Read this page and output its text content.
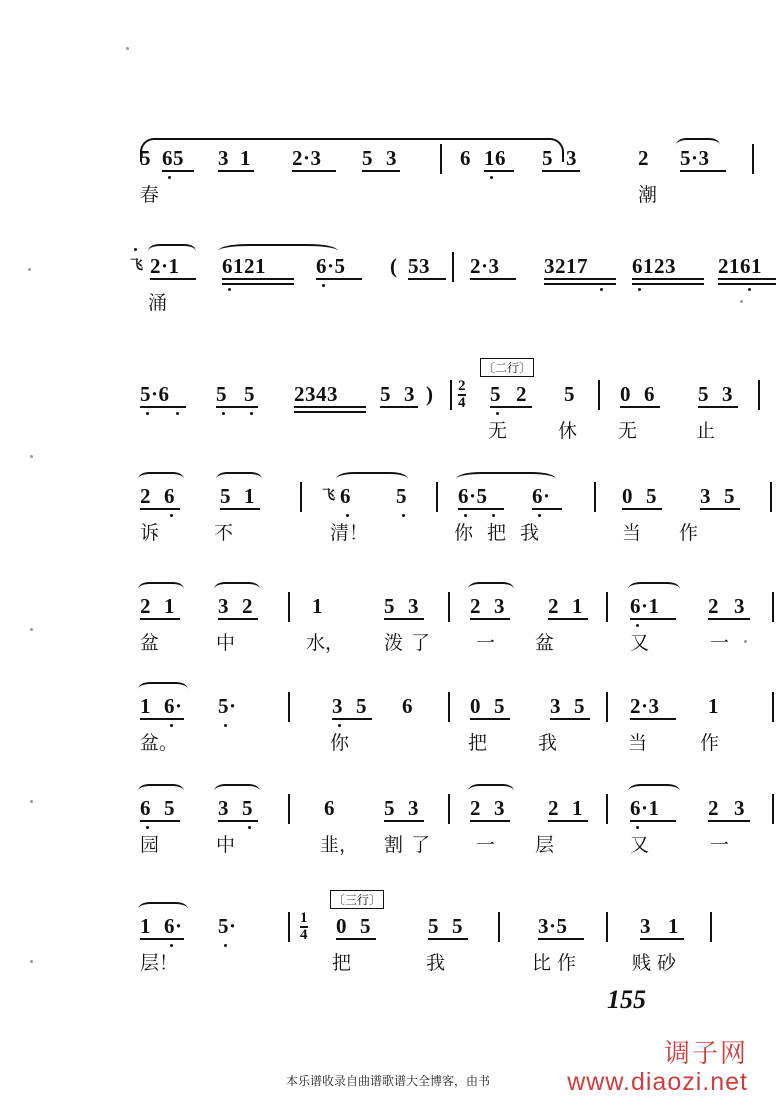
5 65 3 1 2·3 5 3	6 16 5 3	2 5·3
春	潮
飞 2·1 6121 6·5 ( 53 2·3 3217 6123 2161
涌
〔二行〕
5·6 5 5 2343 5 3 ) $\frac{2}{4} 5$ 2 5 0 6 5 3
无	休 无	止
2 6 5 1	飞 6 5 6·5 6·	0 5 3 5
诉	不	清！	你把我	当作
2 1 3 2	1	5 3 2 3 2 1 6·1 2 3
盆	中	水， 泼了 一盆 又	一
1 6· 5·	3 5 6	0 5 3 5 2·3 1
盆。	你	把	我	当	作
6 5 3 5	6 5 3 2 3 2 1 6·1 2 3
园	中	韭， 割了 一层 又	一
〔三行〕
1 6· 5·	$\frac{1}{4} 0$ 5	5 5	3·5	3 1
层！	把	我	比作	贱砂
155
调子网
www.diaozi.net
本乐谱收录自曲谱歌谱大全博客，由书
